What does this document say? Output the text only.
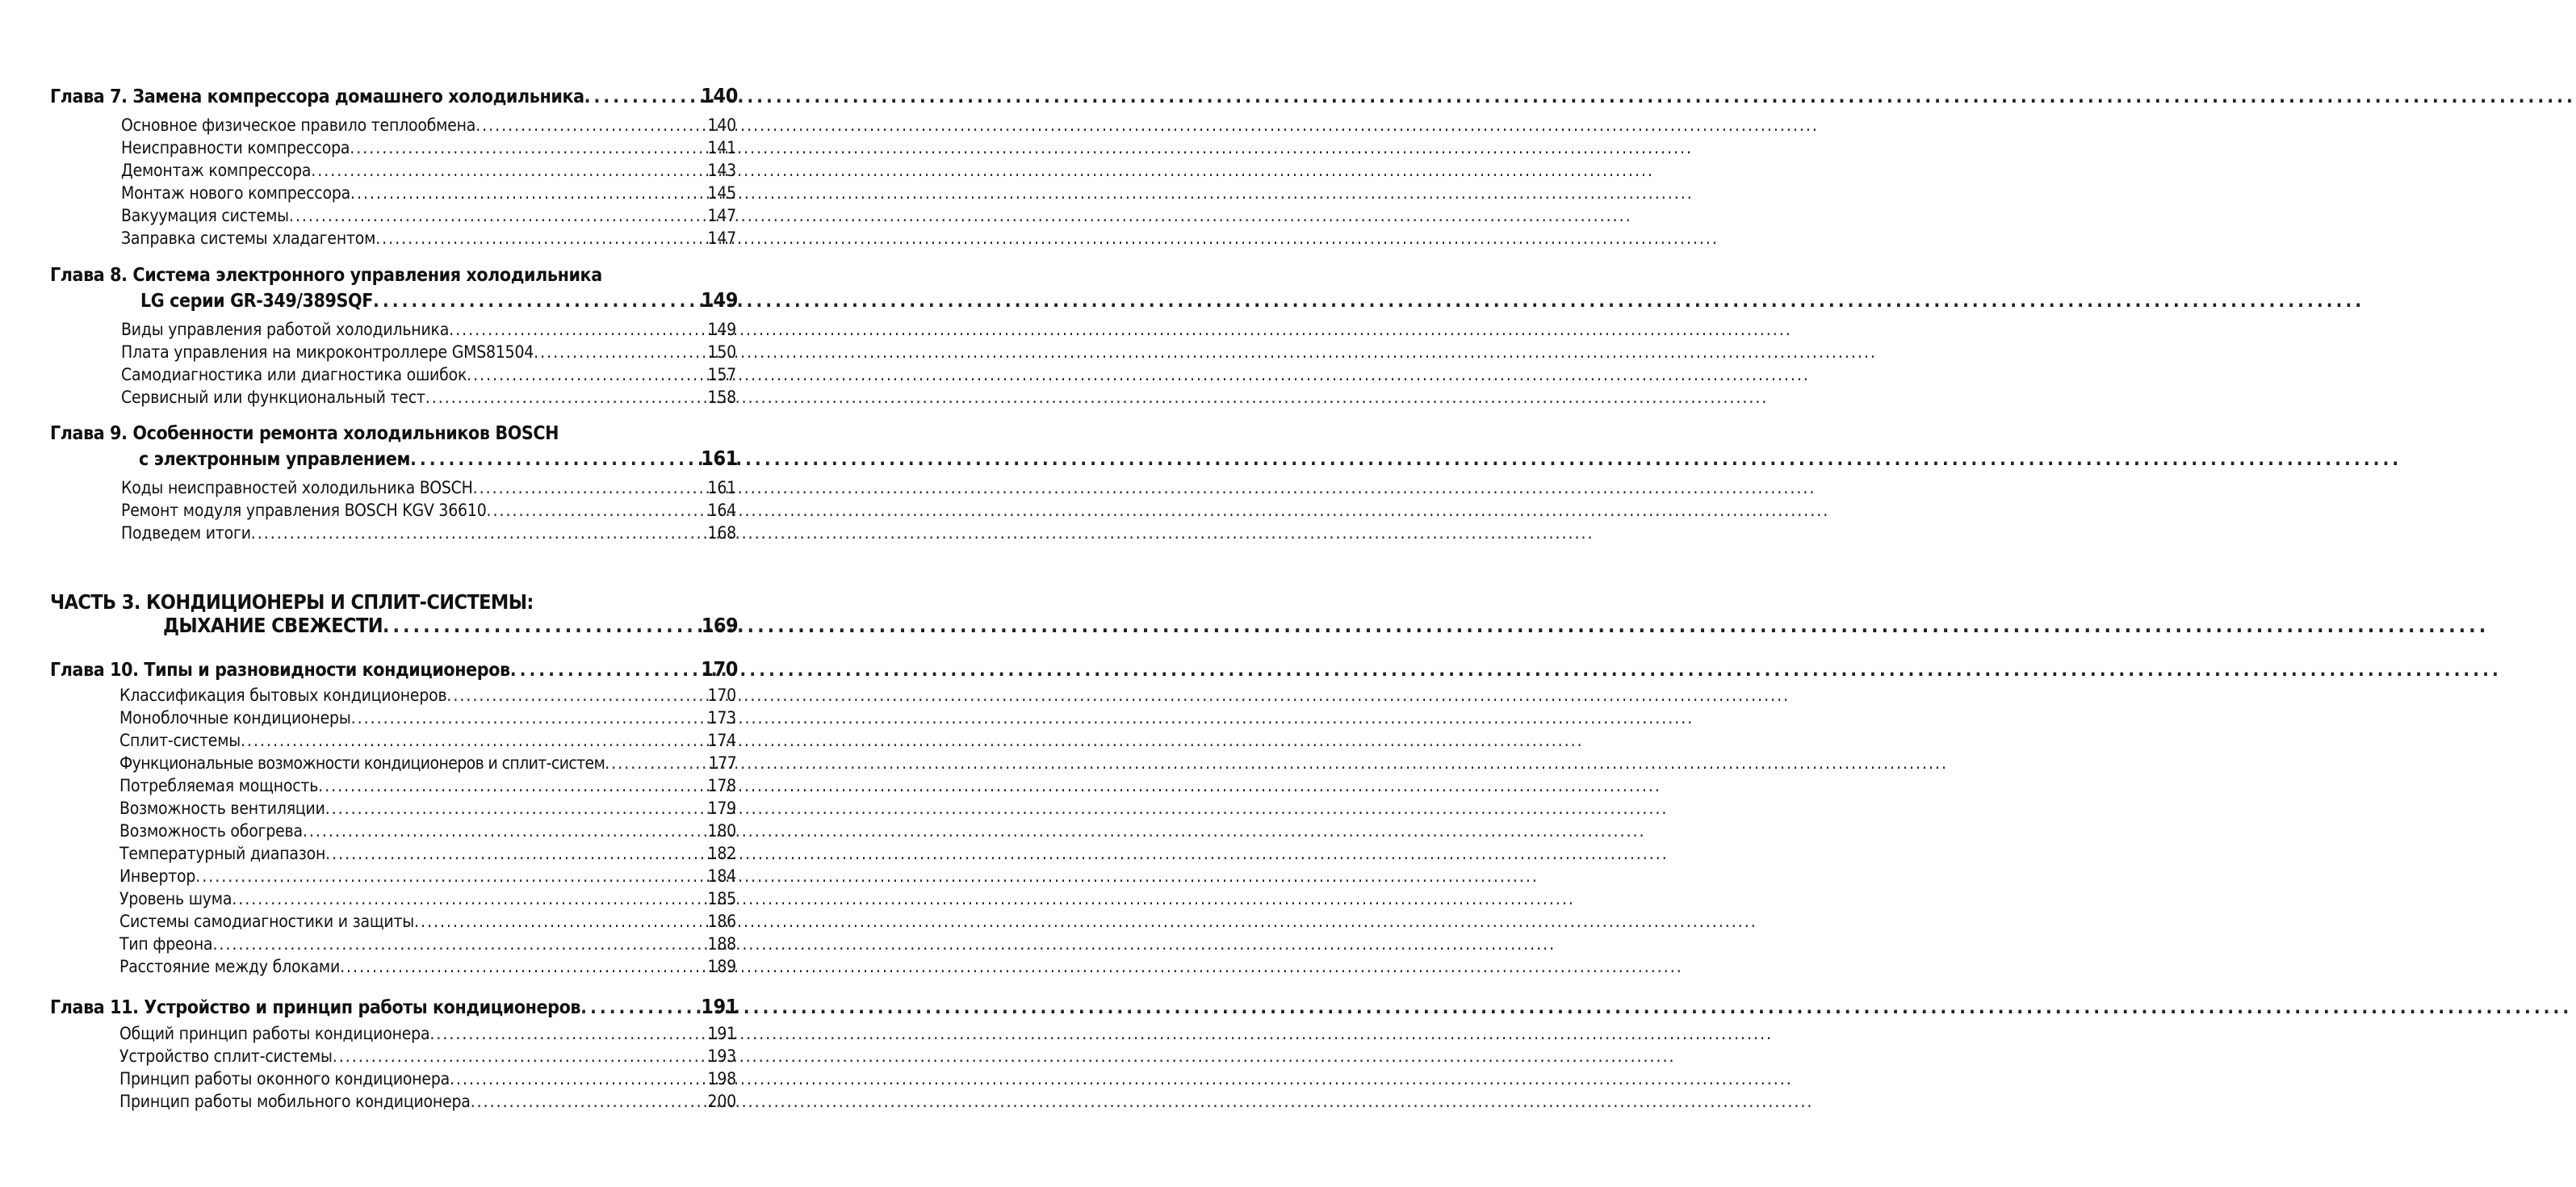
Глава 7. Замена компрессора домашнего холодильника .....	140
Основное физическое правило теплообмена .....	140
Неисправности компрессора .....	141
Демонтаж компрессора .....	143
Монтаж нового компрессора .....	145
Вакуумация системы .....	147
Заправка системы хладагентом .....	147
Глава 8. Система электронного управления холодильника
LG серии GR-349/389SQF .....	149
Виды управления работой холодильника .....	149
Плата управления на микроконтроллере GMS81504 .....	150
Самодиагностика или диагностика ошибок .....	157
Сервисный или функциональный тест .....	158
Глава 9. Особенности ремонта холодильников BOSCH
с электронным управлением .....	161
Коды неисправностей холодильника BOSCH .....	161
Ремонт модуля управления BOSCH KGV 36610 .....	164
Подведем итоги .....	168
ЧАСТЬ 3. КОНДИЦИОНЕРЫ И СПЛИТ-СИСТЕМЫ:
ДЫХАНИЕ СВЕЖЕСТИ .....	169
Глава 10. Типы и разновидности кондиционеров .....	170
Классификация бытовых кондиционеров .....	170
Моноблочные кондиционеры .....	173
Сплит-системы .....	174
Функциональные возможности кондиционеров и сплит-систем .....	177
Потребляемая мощность .....	178
Возможность вентиляции .....	179
Возможность обогрева .....	180
Температурный диапазон .....	182
Инвертор .....	184
Уровень шума .....	185
Системы самодиагностики и защиты .....	186
Тип фреона .....	188
Расстояние между блоками .....	189
Глава 11. Устройство и принцип работы кондиционеров .....	191
Общий принцип работы кондиционера .....	191
Устройство сплит-системы .....	193
Принцип работы оконного кондиционера .....	198
Принцип работы мобильного кондиционера .....	200
